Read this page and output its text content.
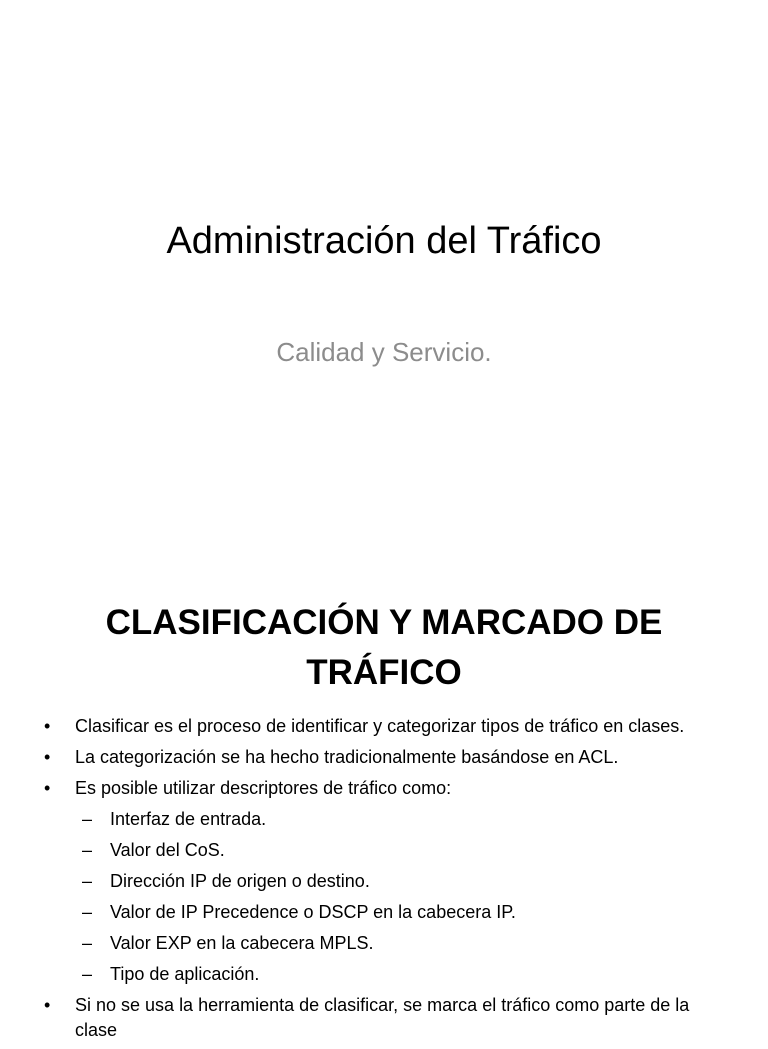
Administración del Tráfico

Calidad y Servicio.

CLASIFICACIÓN Y MARCADO DE
TRÁFICO
• Clasificar es el proceso de identificar y categorizar tipos de tráfico en clases.
• La categorización se ha hecho tradicionalmente basándose en ACL.
• Es posible utilizar descriptores de tráfico como:
– Interfaz de entrada.
– Valor del CoS.
– Dirección IP de origen o destino.
– Valor de IP Precedence o DSCP en la cabecera IP.
– Valor EXP en la cabecera MPLS.
– Tipo de aplicación.
• Si no se usa la herramienta de clasificar, se marca el tráfico como parte de la clase
